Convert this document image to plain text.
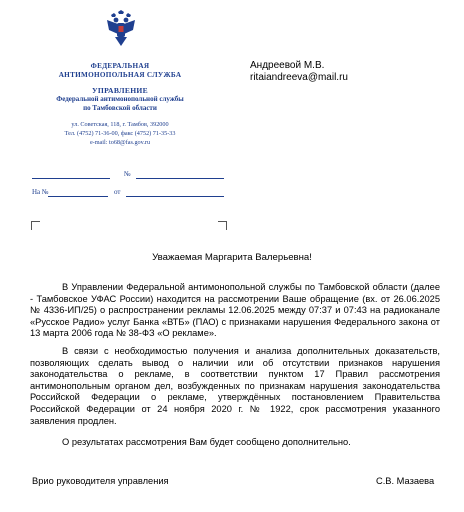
ФЕДЕРАЛЬНАЯ
АНТИМОНОПОЛЬНАЯ СЛУЖБА
УПРАВЛЕНИЕ
Федеральной антимонопольной службы
по Тамбовской области
ул. Советская, 118, г. Тамбов, 392000
Тел. (4752) 71-36-00, факс (4752) 71-35-33
e-mail: to68@fas.gov.ru
Андреевой М.В.
ritaiandreeva@mail.ru
№
На №	от
Уважаемая Маргарита Валерьевна!
В Управлении Федеральной антимонопольной службы по Тамбовской области (далее - Тамбовское УФАС России) находится на рассмотрении Ваше обращение (вх. от 26.06.2025 № 4336-ИП/25) о распространении рекламы 12.06.2025 между 07:37 и 07:43 на радиоканале «Русское Радио» услуг Банка «ВТБ» (ПАО) с признаками нарушения Федерального закона от 13 марта 2006 года № 38-ФЗ «О рекламе».
В связи с необходимостью получения и анализа дополнительных доказательств, позволяющих сделать вывод о наличии или об отсутствии признаков нарушения законодательства о рекламе, в соответствии пунктом 17 Правил рассмотрения антимонопольным органом дел, возбужденных по признакам нарушения законодательства Российской Федерации о рекламе, утверждённых постановлением Правительства Российской Федерации от 24 ноября 2020 г. № 1922, срок рассмотрения указанного заявления продлен.
О результатах рассмотрения Вам будет сообщено дополнительно.
Врио руководителя управления	С.В. Мазаева
